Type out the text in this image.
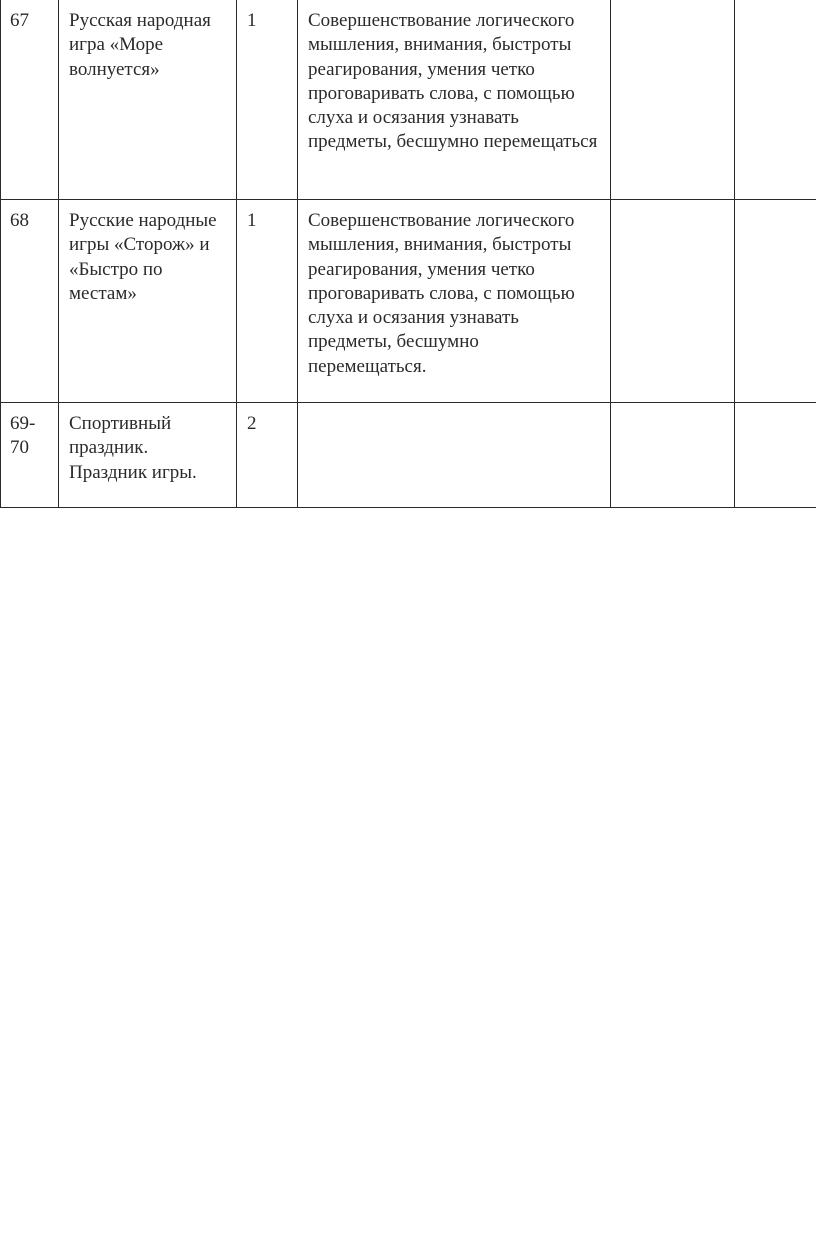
67	Русская народная игра «Море волнуется»	1	Совершенствование логического мышления, внимания, быстроты реагирования, умения четко проговаривать слова, с помощью слуха и осязания узнавать предметы, бесшумно перемещаться		
68	Русские народные игры «Сторож» и «Быстро по местам»	1	Совершенствование логического мышления, внимания, быстроты реагирования, умения четко проговаривать слова, с помощью слуха и осязания узнавать предметы, бесшумно перемещаться.		
69-70	Спортивный праздник. Праздник игры.	2			
